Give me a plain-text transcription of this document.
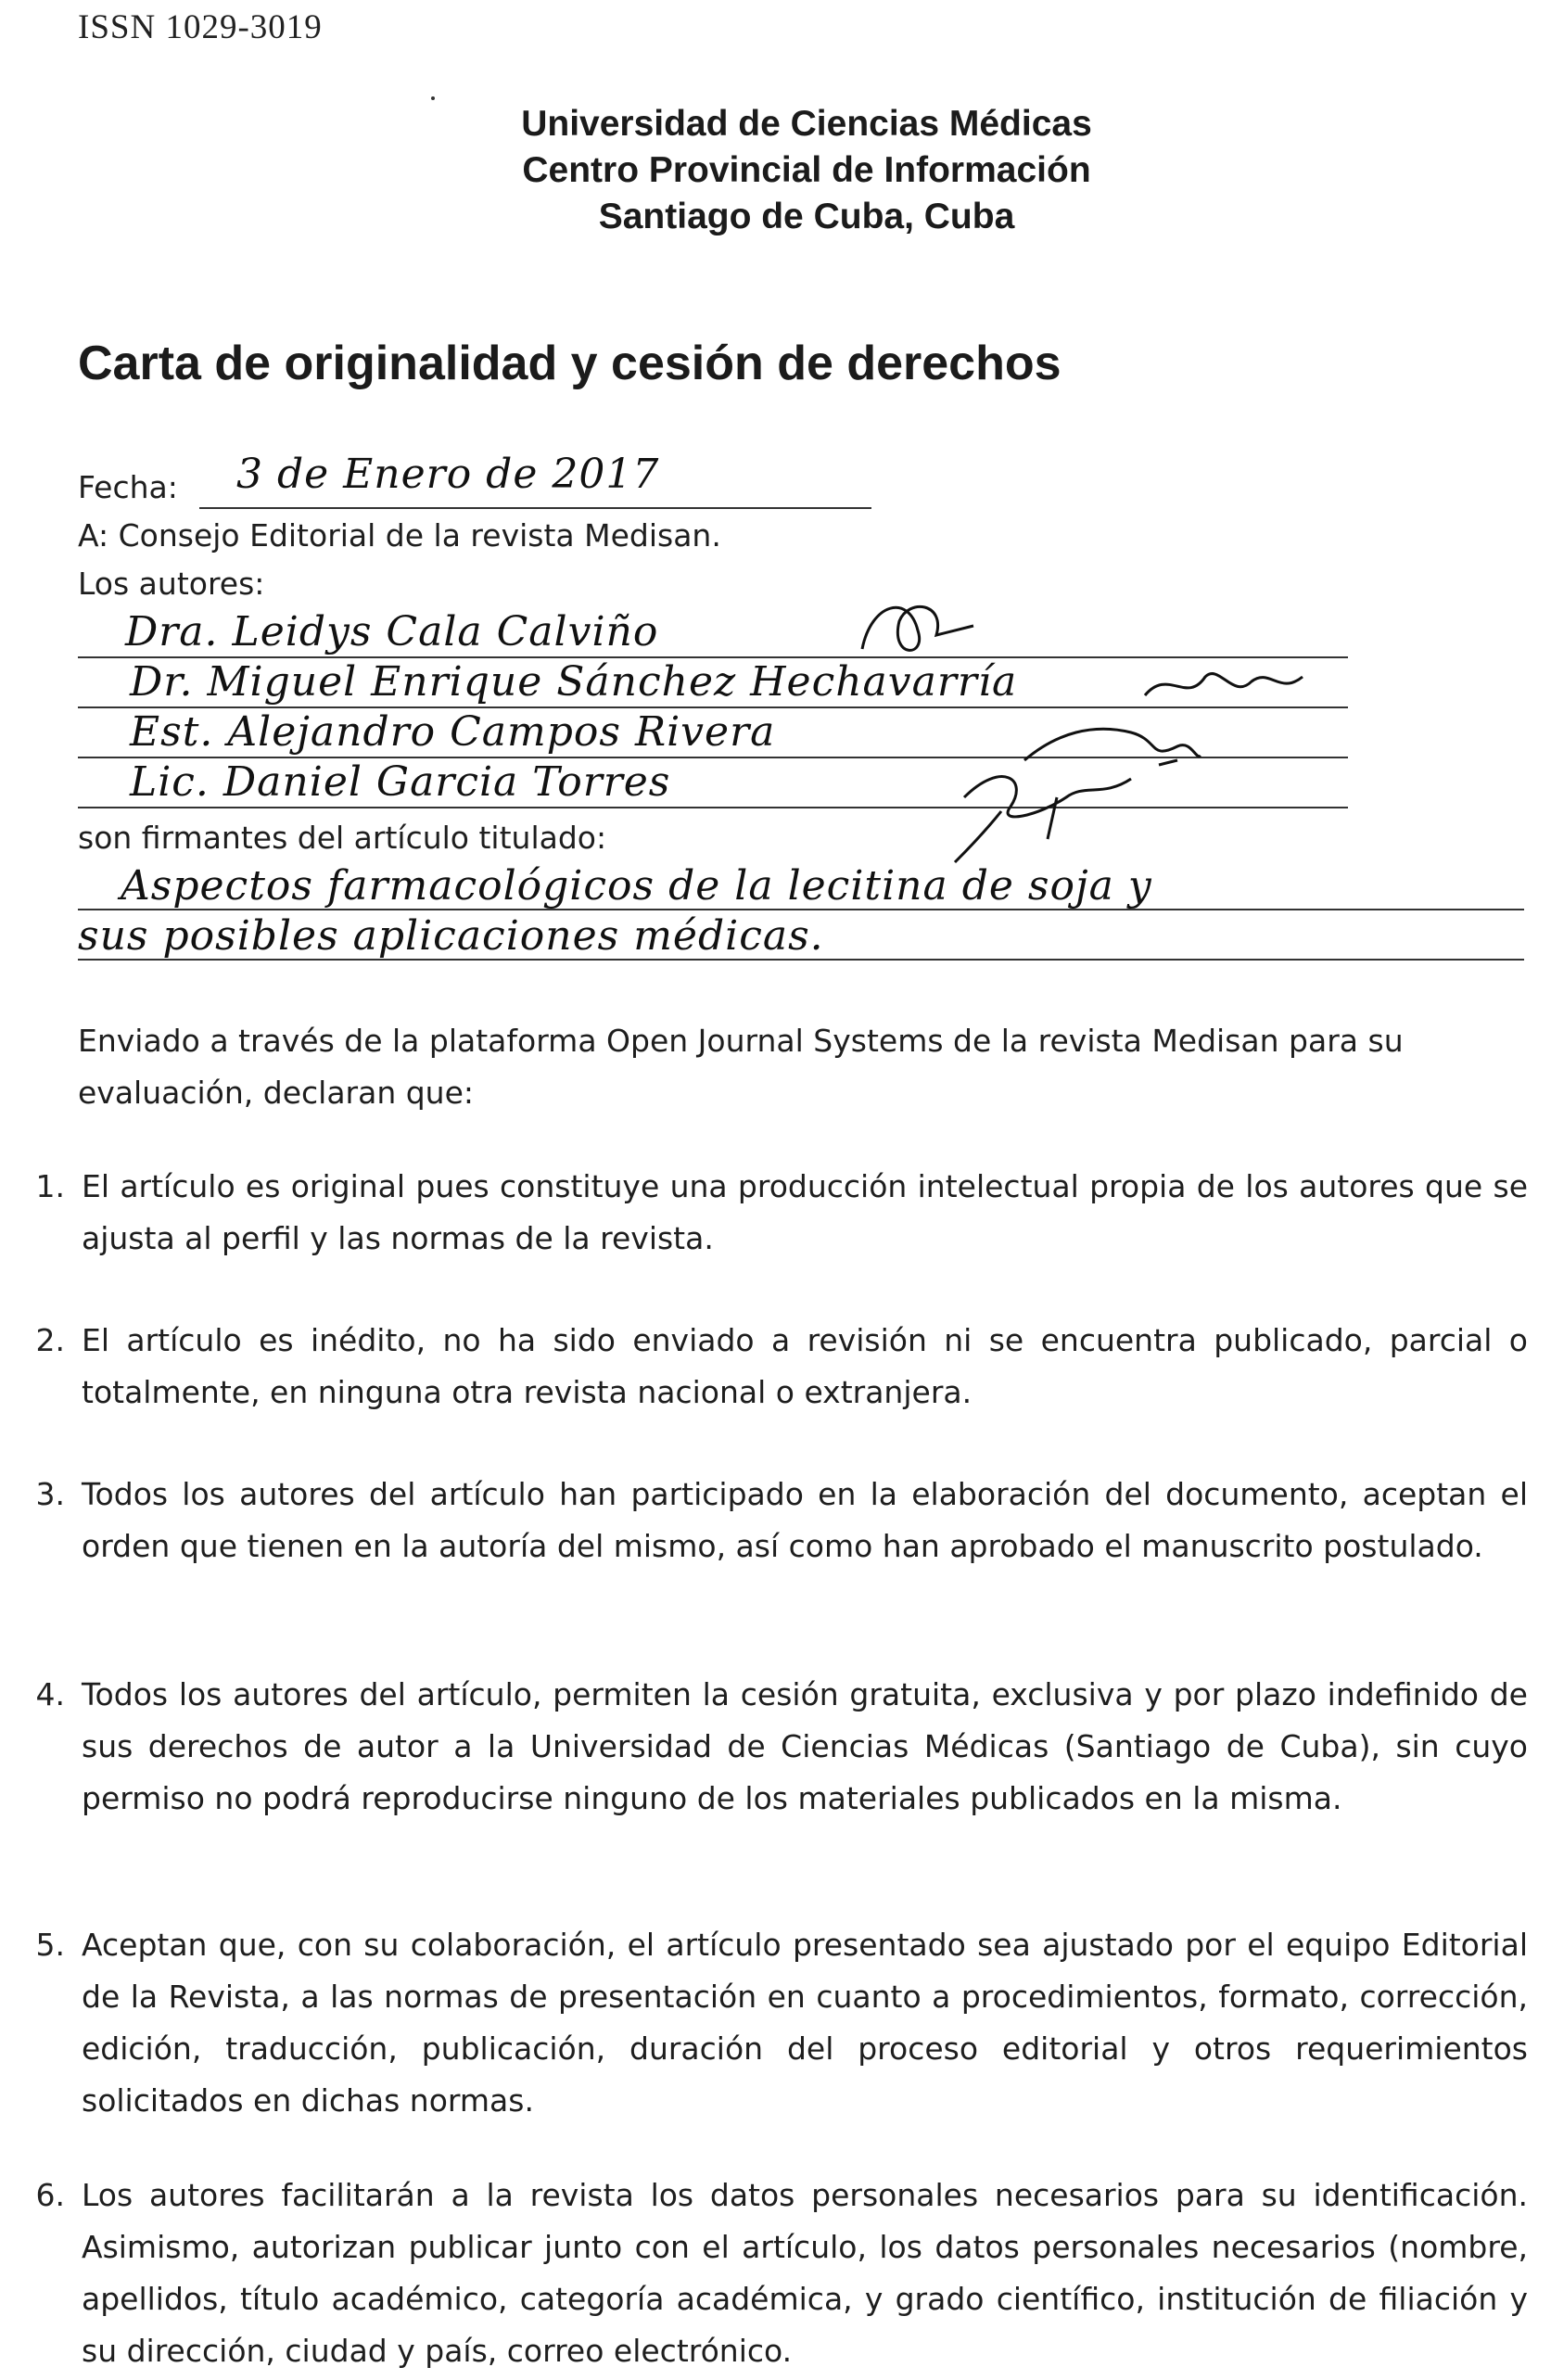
ISSN 1029-3019
Universidad de Ciencias Médicas
Centro Provincial de Información
Santiago de Cuba, Cuba
Carta de originalidad y cesión de derechos
Fecha: 3 de Enero de 2017
A: Consejo Editorial de la revista Medisan.
Los autores:
Dra. Leidys Cala Calviño
Dr. Miguel Enrique Sánchez Hechavarría
Est. Alejandro Campos Rivera
Lic. Daniel Garcia Torres
son firmantes del artículo titulado:
Aspectos farmacológicos de la lecitina de soja y
sus posibles aplicaciones médicas.
Enviado a través de la plataforma Open Journal Systems de la revista Medisan para su evaluación, declaran que:
1. El artículo es original pues constituye una producción intelectual propia de los autores que se ajusta al perfil y las normas de la revista.
2. El artículo es inédito, no ha sido enviado a revisión ni se encuentra publicado, parcial o totalmente, en ninguna otra revista nacional o extranjera.
3. Todos los autores del artículo han participado en la elaboración del documento, aceptan el orden que tienen en la autoría del mismo, así como han aprobado el manuscrito postulado.
4. Todos los autores del artículo, permiten la cesión gratuita, exclusiva y por plazo indefinido de sus derechos de autor a la Universidad de Ciencias Médicas (Santiago de Cuba), sin cuyo permiso no podrá reproducirse ninguno de los materiales publicados en la misma.
5. Aceptan que, con su colaboración, el artículo presentado sea ajustado por el equipo Editorial de la Revista, a las normas de presentación en cuanto a procedimientos, formato, corrección, edición, traducción, publicación, duración del proceso editorial y otros requerimientos solicitados en dichas normas.
6. Los autores facilitarán a la revista los datos personales necesarios para su identificación. Asimismo, autorizan publicar junto con el artículo, los datos personales necesarios (nombre, apellidos, título académico, categoría académica, y grado científico, institución de filiación y su dirección, ciudad y país, correo electrónico.
